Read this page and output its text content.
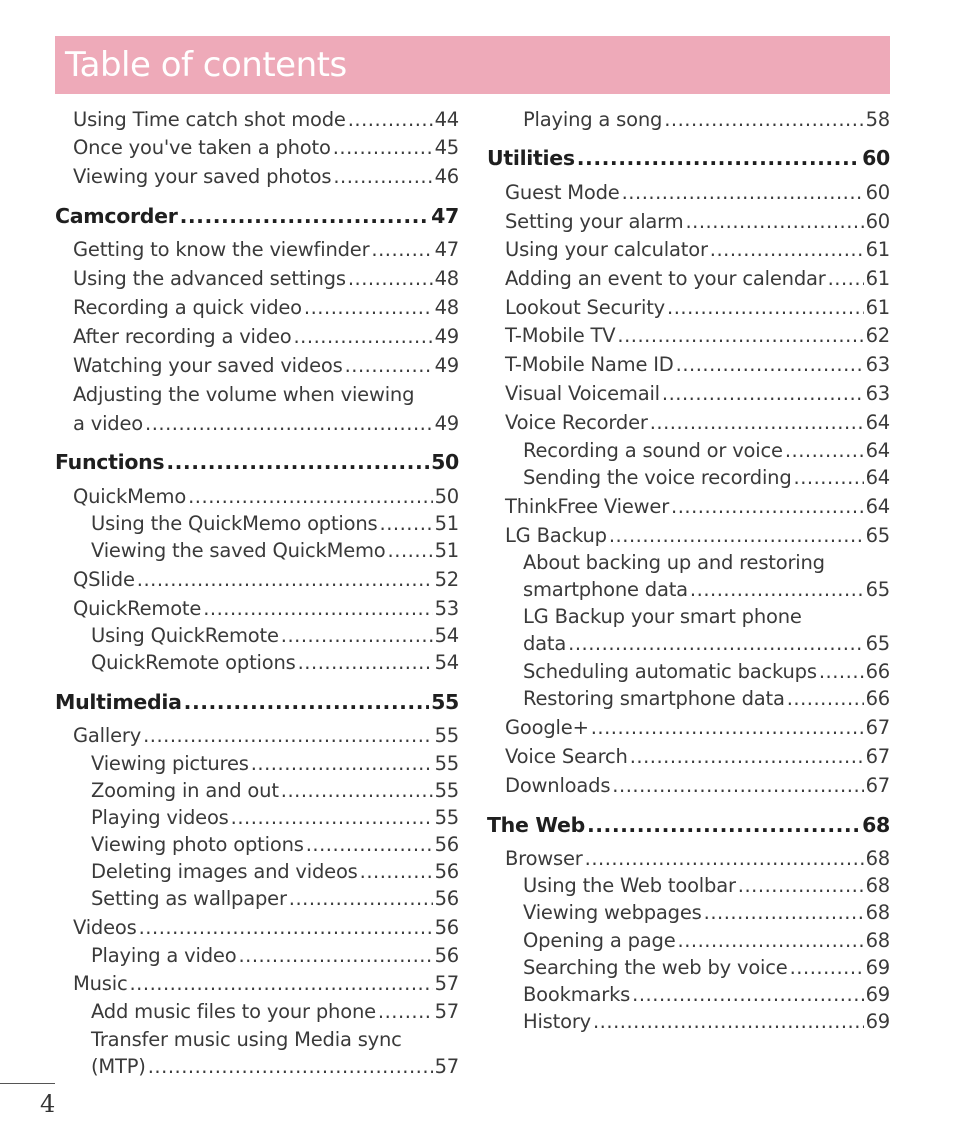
Table of contents
Using Time catch shot mode .....	44
Once you've taken a photo .....	45
Viewing your saved photos .....	46
Camcorder .....	47
Getting to know the viewfinder .....	47
Using the advanced settings .....	48
Recording a quick video .....	48
After recording a video .....	49
Watching your saved videos .....	49
Adjusting the volume when viewing
a video .....	49
Functions .....	50
QuickMemo .....	50
Using the QuickMemo options .....	51
Viewing the saved QuickMemo .....	51
QSlide .....	52
QuickRemote .....	53
Using QuickRemote .....	54
QuickRemote options .....	54
Multimedia .....	55
Gallery .....	55
Viewing pictures .....	55
Zooming in and out .....	55
Playing videos .....	55
Viewing photo options .....	56
Deleting images and videos .....	56
Setting as wallpaper .....	56
Videos .....	56
Playing a video .....	56
Music .....	57
Add music files to your phone .....	57
Transfer music using Media sync
(MTP) .....	57
Playing a song .....	58
Utilities .....	60
Guest Mode .....	60
Setting your alarm .....	60
Using your calculator .....	61
Adding an event to your calendar ..... 61
Lookout Security .....	61
T-Mobile TV .....	62
T-Mobile Name ID .....	63
Visual Voicemail .....	63
Voice Recorder .....	64
Recording a sound or voice .....	64
Sending the voice recording .....	64
ThinkFree Viewer .....	64
LG Backup .....	65
About backing up and restoring
smartphone data .....	65
LG Backup your smart phone
data .....	65
Scheduling automatic backups .....	66
Restoring smartphone data .....	66
Google+ .....	67
Voice Search .....	67
Downloads .....	67
The Web .....	68
Browser .....	68
Using the Web toolbar .....	68
Viewing webpages .....	68
Opening a page .....	68
Searching the web by voice .....	69
Bookmarks .....	69
History .....	69
4
